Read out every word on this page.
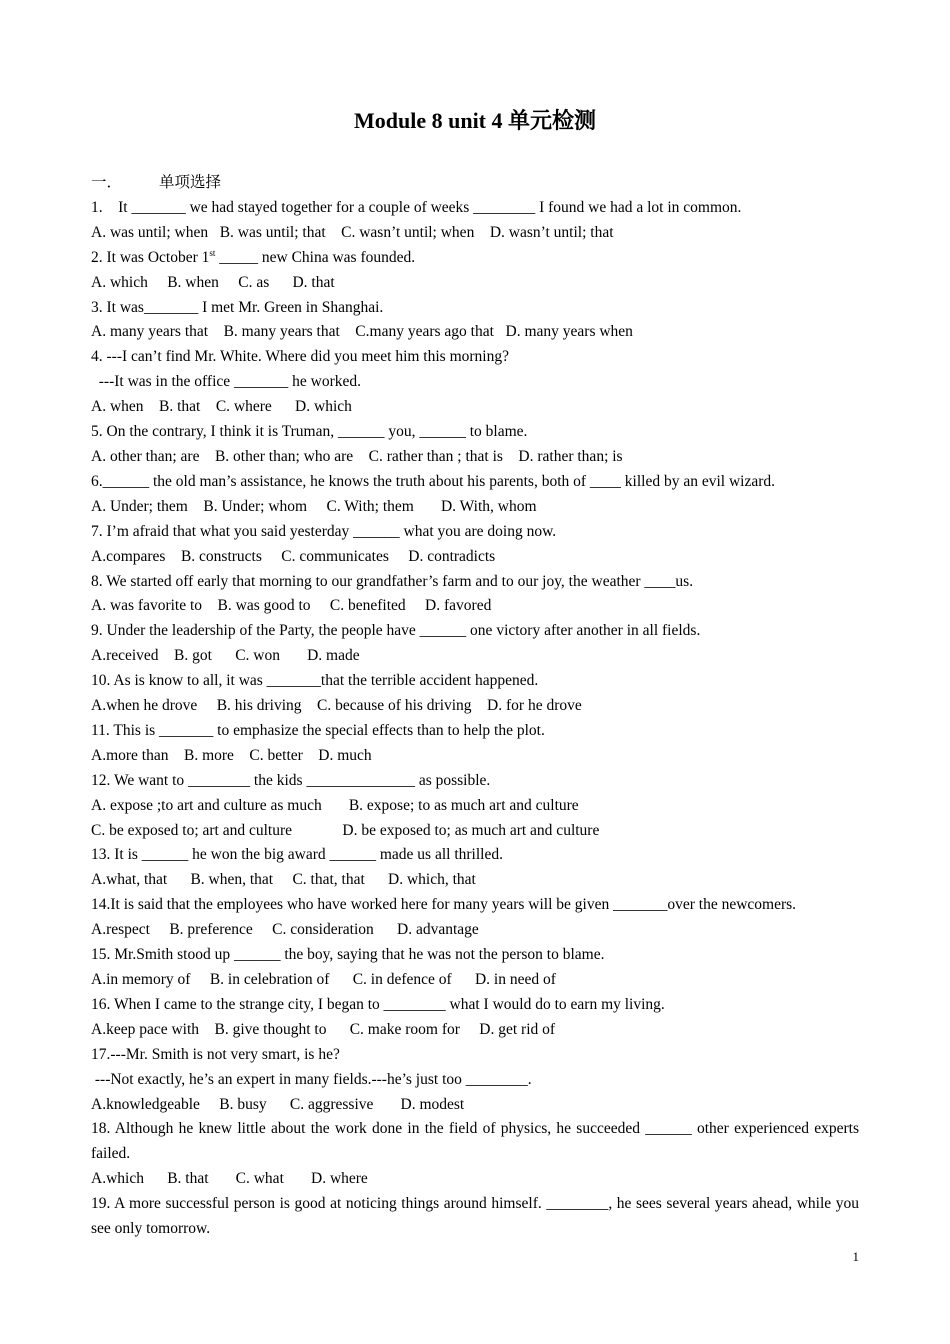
Module 8 unit 4 单元检测
一． 单项选择
1.    It _______ we had stayed together for a couple of weeks ________ I found we had a lot in common.
A. was until; when   B. was until; that    C. wasn’t until; when    D. wasn’t until; that
2. It was October 1st _____ new China was founded.
A. which     B. when     C. as      D. that
3. It was_______ I met Mr. Green in Shanghai.
A. many years that    B. many years that    C.many years ago that   D. many years when
4. ---I can’t find Mr. White. Where did you meet him this morning?
---It was in the office _______ he worked.
A. when    B. that    C. where      D. which
5. On the contrary, I think it is Truman, ______ you, ______ to blame.
A. other than; are    B. other than; who are    C. rather than ; that is    D. rather than; is
6.______ the old man’s assistance, he knows the truth about his parents, both of ____ killed by an evil wizard.
A. Under; them    B. Under; whom     C. With; them       D. With, whom
7. I’m afraid that what you said yesterday ______ what you are doing now.
A.compares    B. constructs     C. communicates     D. contradicts
8. We started off early that morning to our grandfather’s farm and to our joy, the weather ____us.
A. was favorite to    B. was good to     C. benefited     D. favored
9. Under the leadership of the Party, the people have ______ one victory after another in all fields.
A.received    B. got      C. won       D. made
10. As is know to all, it was _______that the terrible accident happened.
A.when he drove     B. his driving    C. because of his driving    D. for he drove
11. This is _______ to emphasize the special effects than to help the plot.
A.more than    B. more    C. better    D. much
12. We want to ________ the kids ______________ as possible.
A. expose ;to art and culture as much       B. expose; to as much art and culture
C. be exposed to; art and culture             D. be exposed to; as much art and culture
13. It is ______ he won the big award ______ made us all thrilled.
A.what, that      B. when, that     C. that, that      D. which, that
14.It is said that the employees who have worked here for many years will be given _______over the newcomers.
A.respect     B. preference     C. consideration      D. advantage
15. Mr.Smith stood up ______ the boy, saying that he was not the person to blame.
A.in memory of     B. in celebration of      C. in defence of      D. in need of
16. When I came to the strange city, I began to ________ what I would do to earn my living.
A.keep pace with    B. give thought to      C. make room for     D. get rid of
17.---Mr. Smith is not very smart, is he?
---Not exactly, he’s an expert in many fields.---he’s just too ________.
A.knowledgeable     B. busy      C. aggressive       D. modest
18. Although he knew little about the work done in the field of physics, he succeeded ______ other experienced experts failed.
A.which      B. that       C. what       D. where
19. A more successful person is good at noticing things around himself. ________, he sees several years ahead, while you see only tomorrow.
1
